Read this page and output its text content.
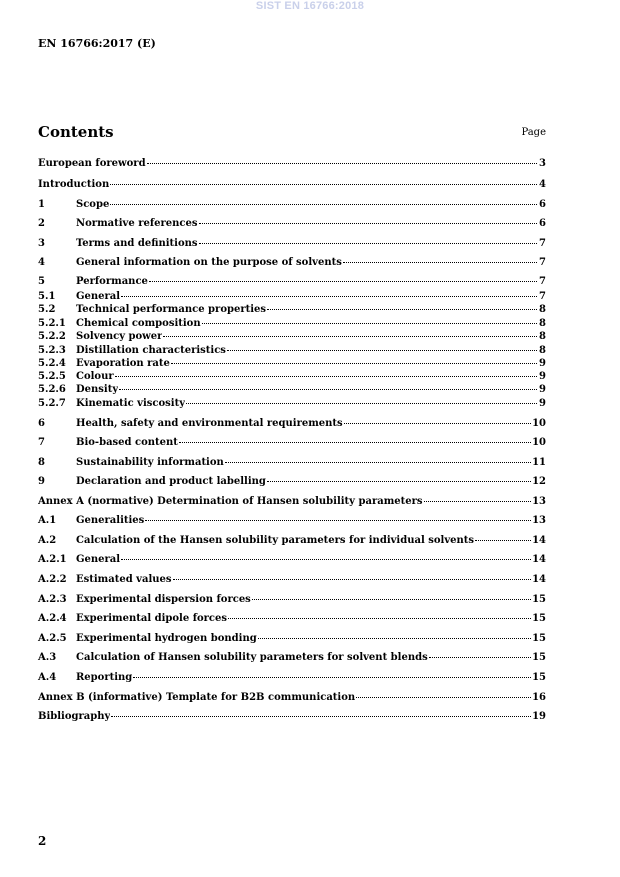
SIST EN 16766:2018
EN 16766:2017 (E)
Contents	Page
European foreword	3
Introduction	4
1	Scope	6
2	Normative references	6
3	Terms and definitions	7
4	General information on the purpose of solvents	7
5	Performance	7
5.1	General	7
5.2	Technical performance properties	8
5.2.1	Chemical composition	8
5.2.2	Solvency power	8
5.2.3	Distillation characteristics	8
5.2.4	Evaporation rate	9
5.2.5	Colour	9
5.2.6	Density	9
5.2.7	Kinematic viscosity	9
6	Health, safety and environmental requirements	10
7	Bio-based content	10
8	Sustainability information	11
9	Declaration and product labelling	12
Annex A (normative) Determination of Hansen solubility parameters	13
A.1	Generalities	13
A.2	Calculation of the Hansen solubility parameters for individual solvents	14
A.2.1 General	14
A.2.2 Estimated values	14
A.2.3 Experimental dispersion forces	15
A.2.4 Experimental dipole forces	15
A.2.5 Experimental hydrogen bonding	15
A.3	Calculation of Hansen solubility parameters for solvent blends	15
A.4	Reporting	15
Annex B (informative) Template for B2B communication	16
Bibliography	19
2
